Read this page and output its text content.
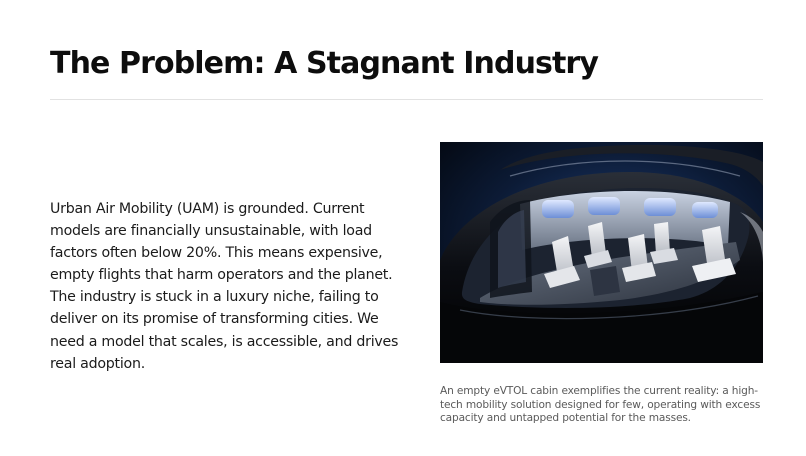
The Problem: A Stagnant Industry

Urban Air Mobility (UAM) is grounded. Current models are financially unsustainable, with load factors often below 20%. This means expensive, empty flights that harm operators and the planet. The industry is stuck in a luxury niche, failing to deliver on its promise of transforming cities. We need a model that scales, is accessible, and drives real adoption.

An empty eVTOL cabin exemplifies the current reality: a high-tech mobility solution designed for few, operating with excess capacity and untapped potential for the masses.
